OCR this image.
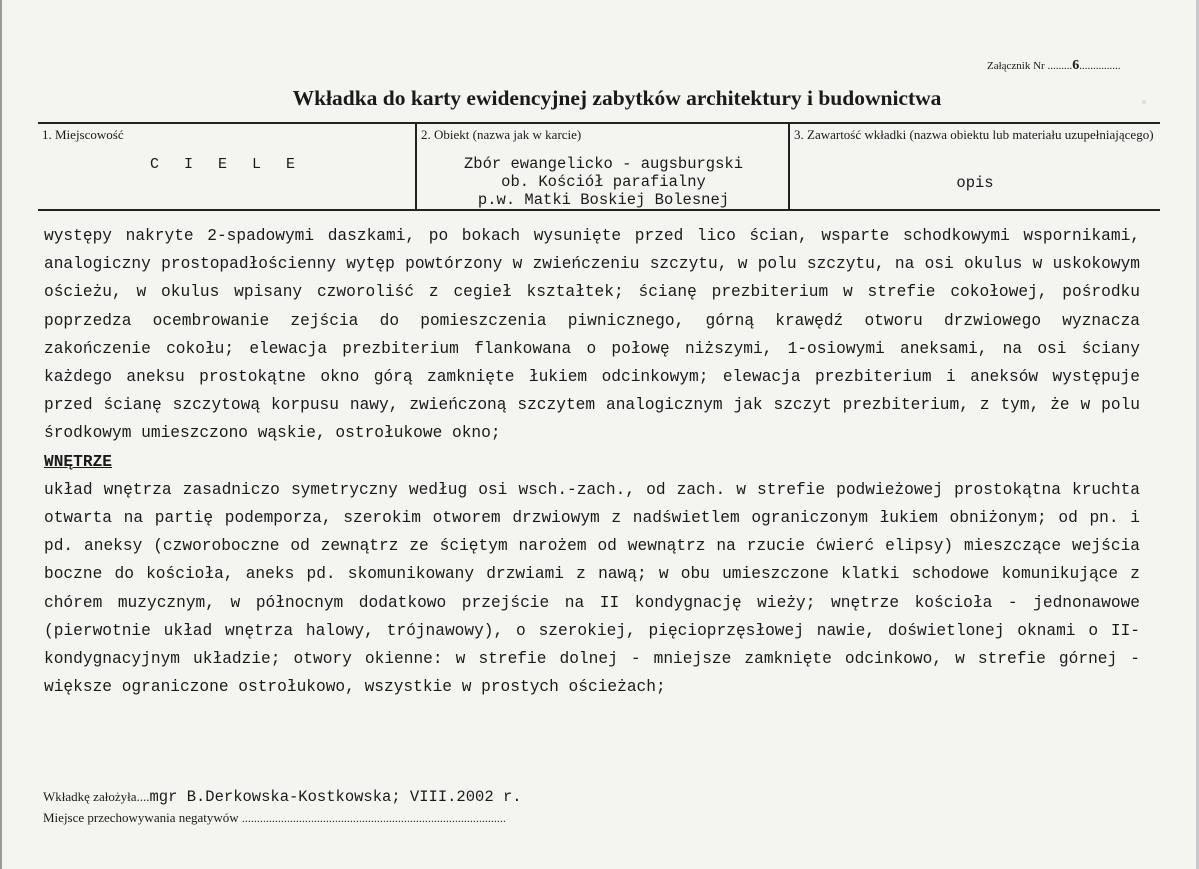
Załącznik Nr .........6...............
Wkładka do karty ewidencyjnej zabytków architektury i budownictwa
1. Miejscowość
C I E L E
2. Obiekt (nazwa jak w karcie)
Zbór ewangelicko - augsburgski
ob. Kościół parafialny
p.w. Matki Boskiej Bolesnej
3. Zawartość wkładki (nazwa obiektu lub materiału uzupełniającego)
opis

występy nakryte 2-spadowymi daszkami, po bokach wysunięte przed lico ścian, wsparte schodkowymi wspornikami, analogiczny prostopadłościenny wytęp powtórzony w zwieńczeniu szczytu, w polu szczytu, na osi okulus w uskokowym ościeżu, w okulus wpisany czworoliść z cegieł kształtek; ścianę prezbiterium w strefie cokołowej, pośrodku poprzedza ocembrowanie zejścia do pomieszczenia piwnicznego, górną krawędź otworu drzwiowego wyznacza zakończenie cokołu; elewacja prezbiterium flankowana o połowę niższymi, 1-osiowymi aneksami, na osi ściany każdego aneksu prostokątne okno górą zamknięte łukiem odcinkowym; elewacja prezbiterium i aneksów występuje przed ścianę szczytową korpusu nawy, zwieńczoną szczytem analogicznym jak szczyt prezbiterium, z tym, że w polu środkowym umieszczono wąskie, ostrołukowe okno;

WNĘTRZE

układ wnętrza zasadniczo symetryczny według osi wsch.-zach., od zach. w strefie podwieżowej prostokątna kruchta otwarta na partię podemporza, szerokim otworem drzwiowym z nadświetlem ograniczonym łukiem obniżonym; od pn. i pd. aneksy (czworoboczne od zewnątrz ze ściętym narożem od wewnątrz na rzucie ćwierć elipsy) mieszczące wejścia boczne do kościoła, aneks pd. skomunikowany drzwiami z nawą; w obu umieszczone klatki schodowe komunikujące z chórem muzycznym, w północnym dodatkowo przejście na II kondygnację wieży; wnętrze kościoła - jednonawowe (pierwotnie układ wnętrza halowy, trójnawowy), o szerokiej, pięcioprzęsłowej nawie, doświetlonej oknami o II-kondygnacyjnym układzie; otwory okienne: w strefie dolnej - mniejsze zamknięte odcinkowo, w strefie górnej - większe ograniczone ostrołukowo, wszystkie w prostych ościeżach;

Wkładkę założyła....mgr B.Derkowska-Kostkowska; VIII.2002 r.
Miejsce przechowywania negatywów ........................................................................................
